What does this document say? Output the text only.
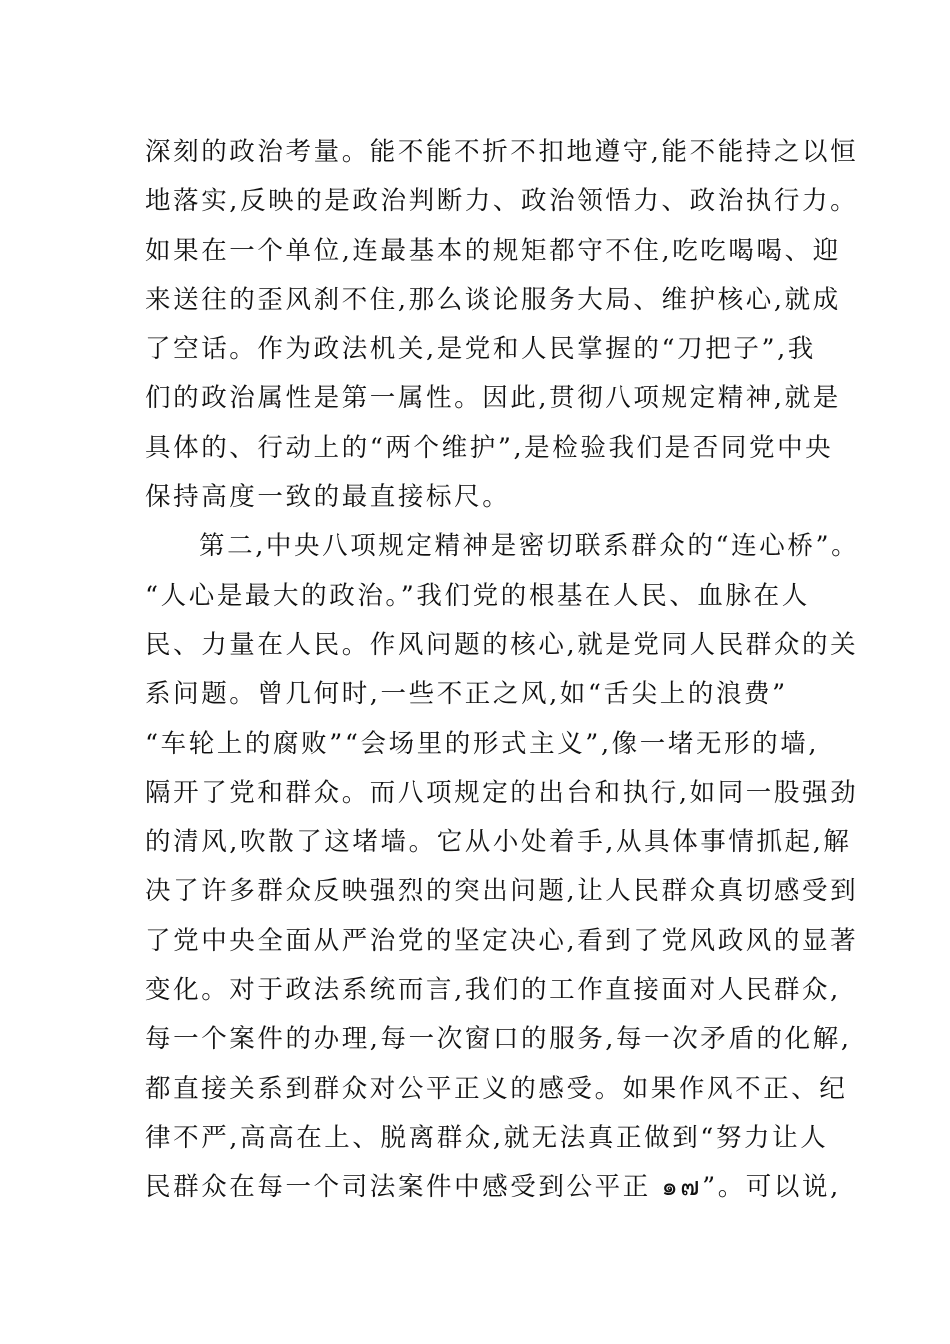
深刻的政治考量。能不能不折不扣地遵守,能不能持之以恒
地落实,反映的是政治判断力、政治领悟力、政治执行力。
如果在一个单位,连最基本的规矩都守不住,吃吃喝喝、迎
来送往的歪风刹不住,那么谈论服务大局、维护核心,就成
了空话。作为政法机关,是党和人民掌握的“刀把子”,我
们的政治属性是第一属性。因此,贯彻八项规定精神,就是
具体的、行动上的“两个维护”,是检验我们是否同党中央
保持高度一致的最直接标尺。
第二,中央八项规定精神是密切联系群众的“连心桥”。
“人心是最大的政治。”我们党的根基在人民、血脉在人
民、力量在人民。作风问题的核心,就是党同人民群众的关
系问题。曾几何时,一些不正之风,如“舌尖上的浪费”
“车轮上的腐败”“会场里的形式主义”,像一堵无形的墙,
隔开了党和群众。而八项规定的出台和执行,如同一股强劲
的清风,吹散了这堵墙。它从小处着手,从具体事情抓起,解
决了许多群众反映强烈的突出问题,让人民群众真切感受到
了党中央全面从严治党的坚定决心,看到了党风政风的显著
变化。对于政法系统而言,我们的工作直接面对人民群众,
每一个案件的办理,每一次窗口的服务,每一次矛盾的化解,
都直接关系到群众对公平正义的感受。如果作风不正、纪
律不严,高高在上、脱离群众,就无法真正做到“努力让人
民群众在每一个司法案件中感受到公平正 ๑๗”。可以说,
